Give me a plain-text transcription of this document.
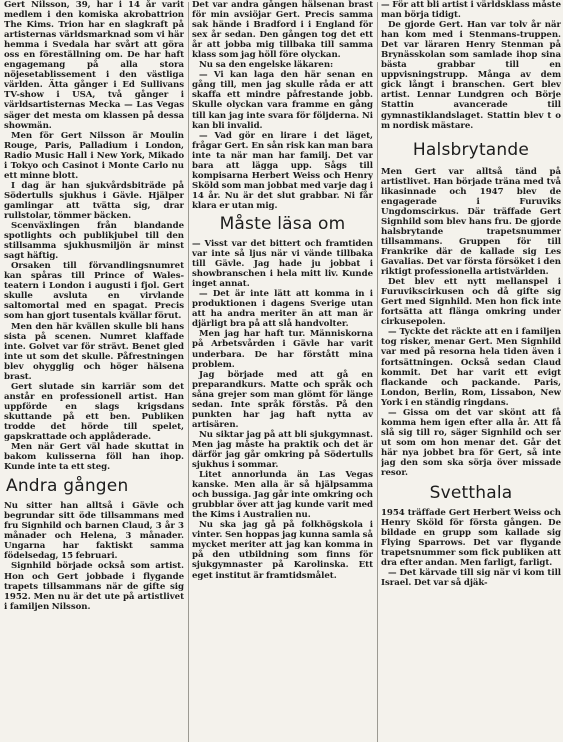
Gert Nilsson, 39, har i 14 år varit medlem i den komiska akrobattrion The Kims. Trion har en slagkraft på artisternas världsmarknad som vi här hemma i Svedala har svårt att göra oss en föreställning om. De har haft engagemang på alla stora nöjesetablissement i den västliga världen. Ätta gånger i Ed Sullivans TV-show i USA, två gånger i världsartisternas Mecka — Las Vegas säger det mesta om klassen på dessa showmän.

Men för Gert Nilsson är Moulin Rouge, Paris, Palladium i London, Radio Music Hall i New York, Mikado i Tokyo och Casinot i Monte Carlo nu ett minne blott.

I dag är han sjukvårdsbiträde på Södertulls sjukhus i Gävle. Hjälper gamlingar att tvätta sig, drar rullstolar, tömmer bäcken.

Scenväxlingen från blandande spotlights och publikjubel till den stillsamma sjukhusmiljön är minst sagt häftig.

Orsaken till förvandlingsnumret kan spåras till Prince of Wales-teatern i London i augusti i fjol. Gert skulle avsluta en virvlande saltomortal med en spagat. Precis som han gjort tusentals kvällar förut.

Men den här kvällen skulle bli hans sista på scenen. Numret klaffade inte. Golvet var för strävt. Benet gled inte ut som det skulle. Påfrestningen blev ohygglig och höger hälsena brast.

Gert slutade sin karriär som det anstår en professionell artist. Han uppförde en slags krigsdans skuttande på ett ben. Publiken trodde det hörde till spelet, gapskrattade och applåderade.

Men när Gert väl hade skuttat in bakom kulisserna föll han ihop. Kunde inte ta ett steg.

Andra gången

Nu sitter han alltså i Gävle och begrundar sitt öde tillsammans med fru Signhild och barnen Claud, 3 år 3 månader och Helena, 3 månader. Ungarna har faktiskt samma födelsedag, 15 februari.

Signhild började också som artist. Hon och Gert jobbade i flygande trapets tillsammans när de gifte sig 1952. Men nu är det ute på artistlivet i familjen Nilsson.

Det var andra gången hälsenan brast för min avsiöjar Gert. Precis samma sak hände i Bradford i i England för sex år sedan. Den gången tog det ett år att jobba mig tillbaka till samma klass som jag höll före olyckan.

Nu sa den engelske läkaren:

— Vi kan laga den här senan en gång till, men jag skulle råda er att skaffa ett mindre påfrestande jobb. Skulle olyckan vara framme en gång till kan jag inte svara för följderna. Ni kan bli invalid.

— Vad gör en lirare i det läget, frågar Gert. En sån risk kan man bara inte ta när man har familj. Det var bara att lägga upp. Sågs till kompisarna Herbert Weiss och Henry Sköld som man jobbat med varje dag i 14 år. Nu är det slut grabbar. Ni får klara er utan mig.

Måste läsa om

— Visst var det bittert och framtiden var inte så ljus när vi vände tillbaka till Gävle. Jag hade ju jobbat i showbranschen i hela mitt liv. Kunde inget annat.

— Det är inte lätt att komma in i produktionen i dagens Sverige utan att ha andra meriter än att man är djärligt bra på att slå handvolter.

Men jag har haft tur. Människorna på Arbetsvården i Gävle har varit underbara. De har förstått mina problem.

Jag började med att gå en preparandkurs. Matte och språk och sånа grejer som man glömt för länge sedan. Inte språk förstås. På den punkten har jag haft nytta av artisären.

Nu siktar jag på att bli sjukgymnast. Men jag måste ha praktik och det är därför jag går omkring på Södertulls sjukhus i sommar.

Litet annorlunda än Las Vegas kanske. Men alla är så hjälpsamma och bussiga. Jag går inte omkring och grubblar över att jag kunde varit med the Kims i Australien nu.

Nu ska jag gå på folkhögskola i vinter. Sen hoppas jag kunna samla så mycket meriter att jag kan komma in på den utbildning som finns för sjukgymnaster på Karolinska. Ett eget institut är framtidsmålet.

— För att bli artist i världsklass måste man börja tidigt.

De gjorde Gert. Han var tolv år när han kom med i Stenmans-truppen. Det var läraren Henry Stenman på Brynässkolan som samlade ihop sina bästa grabbar till en uppvisningstrupp. Många av dem gick långt i branschen. Gert blev artist. Lennar Lundgren och Börje Stattin avancerade till gymnastiklandslaget. Stattin blev t o m nordisk mästare.

Halsbrytande

Men Gert var alltså tänd på artistlivet. Han började träna med två likasinnade och 1947 blev de engagerade i Furuviks Ungdomscirkus. Där träffade Gert Signhild som blev hans fru. De gjorde halsbrytande trapetsnummer tillsammans. Gruppen för till Frankrike där de kallade sig Les Gavalias. Det var första försöket i den riktigt professionella artistvärlden.

Det blev ett nytt mellanspel i Furuvikscirkusen och då gifte sig Gert med Signhild. Men hon fick inte fortsätta att flänga omkring under cirkusepolen.

— Tyckte det räckte att en i familjen tog risker, menar Gert. Men Signhild var med på resorna hela tiden även i fortsättningen. Också sedan Claud kommit. Det har varit ett evigt flackande och packande. Paris, London, Berlin, Rom, Lissabon, New York i en ständig ringdans.

— Gissa om det var skönt att få komma hem igen efter alla år. Att få slå sig till ro, säger Signhild och ser ut som om hon menar det. Går det här nya jobbet bra för Gert, så inte jag den som ska sörja över missade resor.

Svetthala

1954 träffade Gert Herbert Weiss och Henry Sköld för första gången. De bildade en grupp som kallade sig Flying Sparrows. Det var flygande trapetsnummer som fick publiken att dra efter andan. Men farligt, farligt.

— Det kärvade till sig när vi kom till Israel. Det var så djäk-
